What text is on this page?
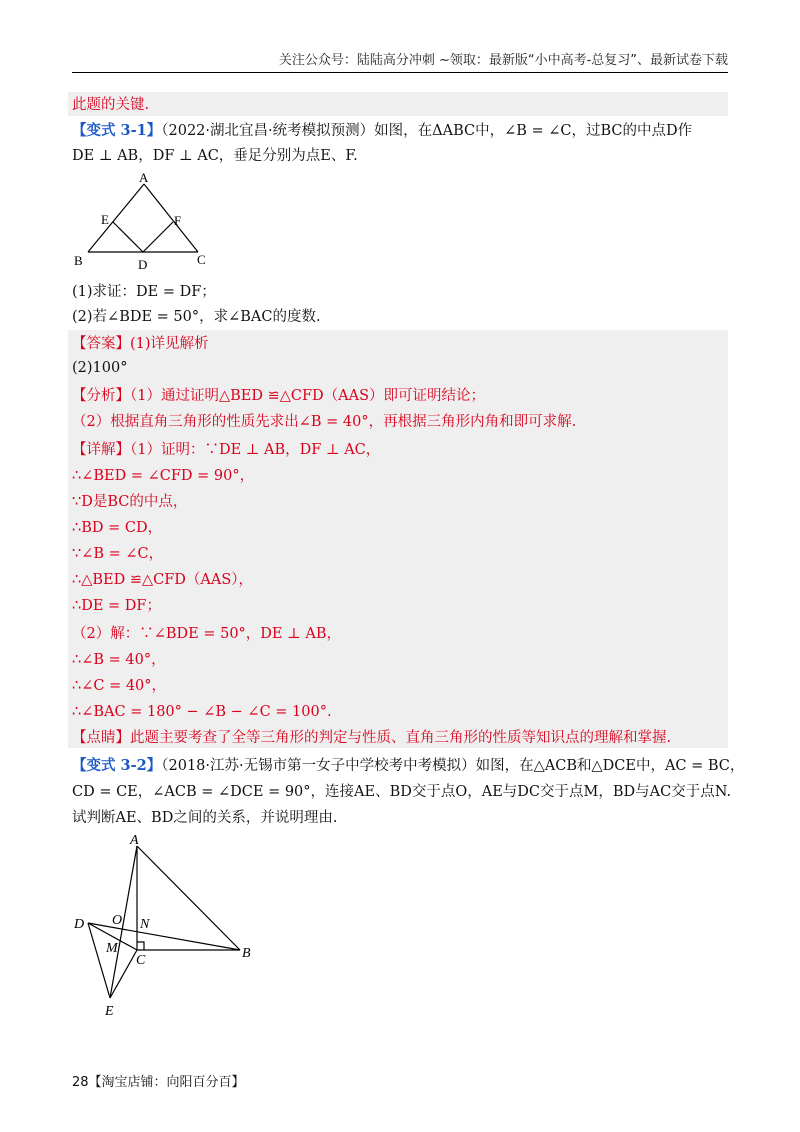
关注公众号：陆陆高分冲刺 ~领取：最新版“小中高考-总复习”、最新试卷下载
此题的关键.
【变式 3-1】（2022·湖北宜昌·统考模拟预测）如图，在ΔABC中，∠B = ∠C，过BC的中点D作
DE ⊥ AB，DF ⊥ AC，垂足分别为点E、F.
A
E	F
B	D	C
(1)求证：DE = DF；
(2)若∠BDE = 50°，求∠BAC的度数.
【答案】(1)详见解析
(2)100°
【分析】（1）通过证明△BED ≌△CFD（AAS）即可证明结论；
（2）根据直角三角形的性质先求出∠B = 40°，再根据三角形内角和即可求解.
【详解】（1）证明：∵DE ⊥ AB，DF ⊥ AC，
∴∠BED = ∠CFD = 90°，
∵D是BC的中点，
∴BD = CD，
∵∠B = ∠C，
∴△BED ≌△CFD（AAS），
∴DE = DF；
（2）解：∵∠BDE = 50°，DE ⊥ AB，
∴∠B = 40°，
∴∠C = 40°，
∴∠BAC = 180° − ∠B − ∠C = 100°.
【点睛】此题主要考查了全等三角形的判定与性质、直角三角形的性质等知识点的理解和掌握.
【变式 3-2】（2018·江苏·无锡市第一女子中学校考中考模拟）如图，在△ACB和△DCE中，AC = BC，
CD = CE，∠ACB = ∠DCE = 90°，连接AE、BD交于点O，AE与DC交于点M，BD与AC交于点N.
试判断AE、BD之间的关系，并说明理由.
A
D O N
M
C	B
E
28【淘宝店铺：向阳百分百】
